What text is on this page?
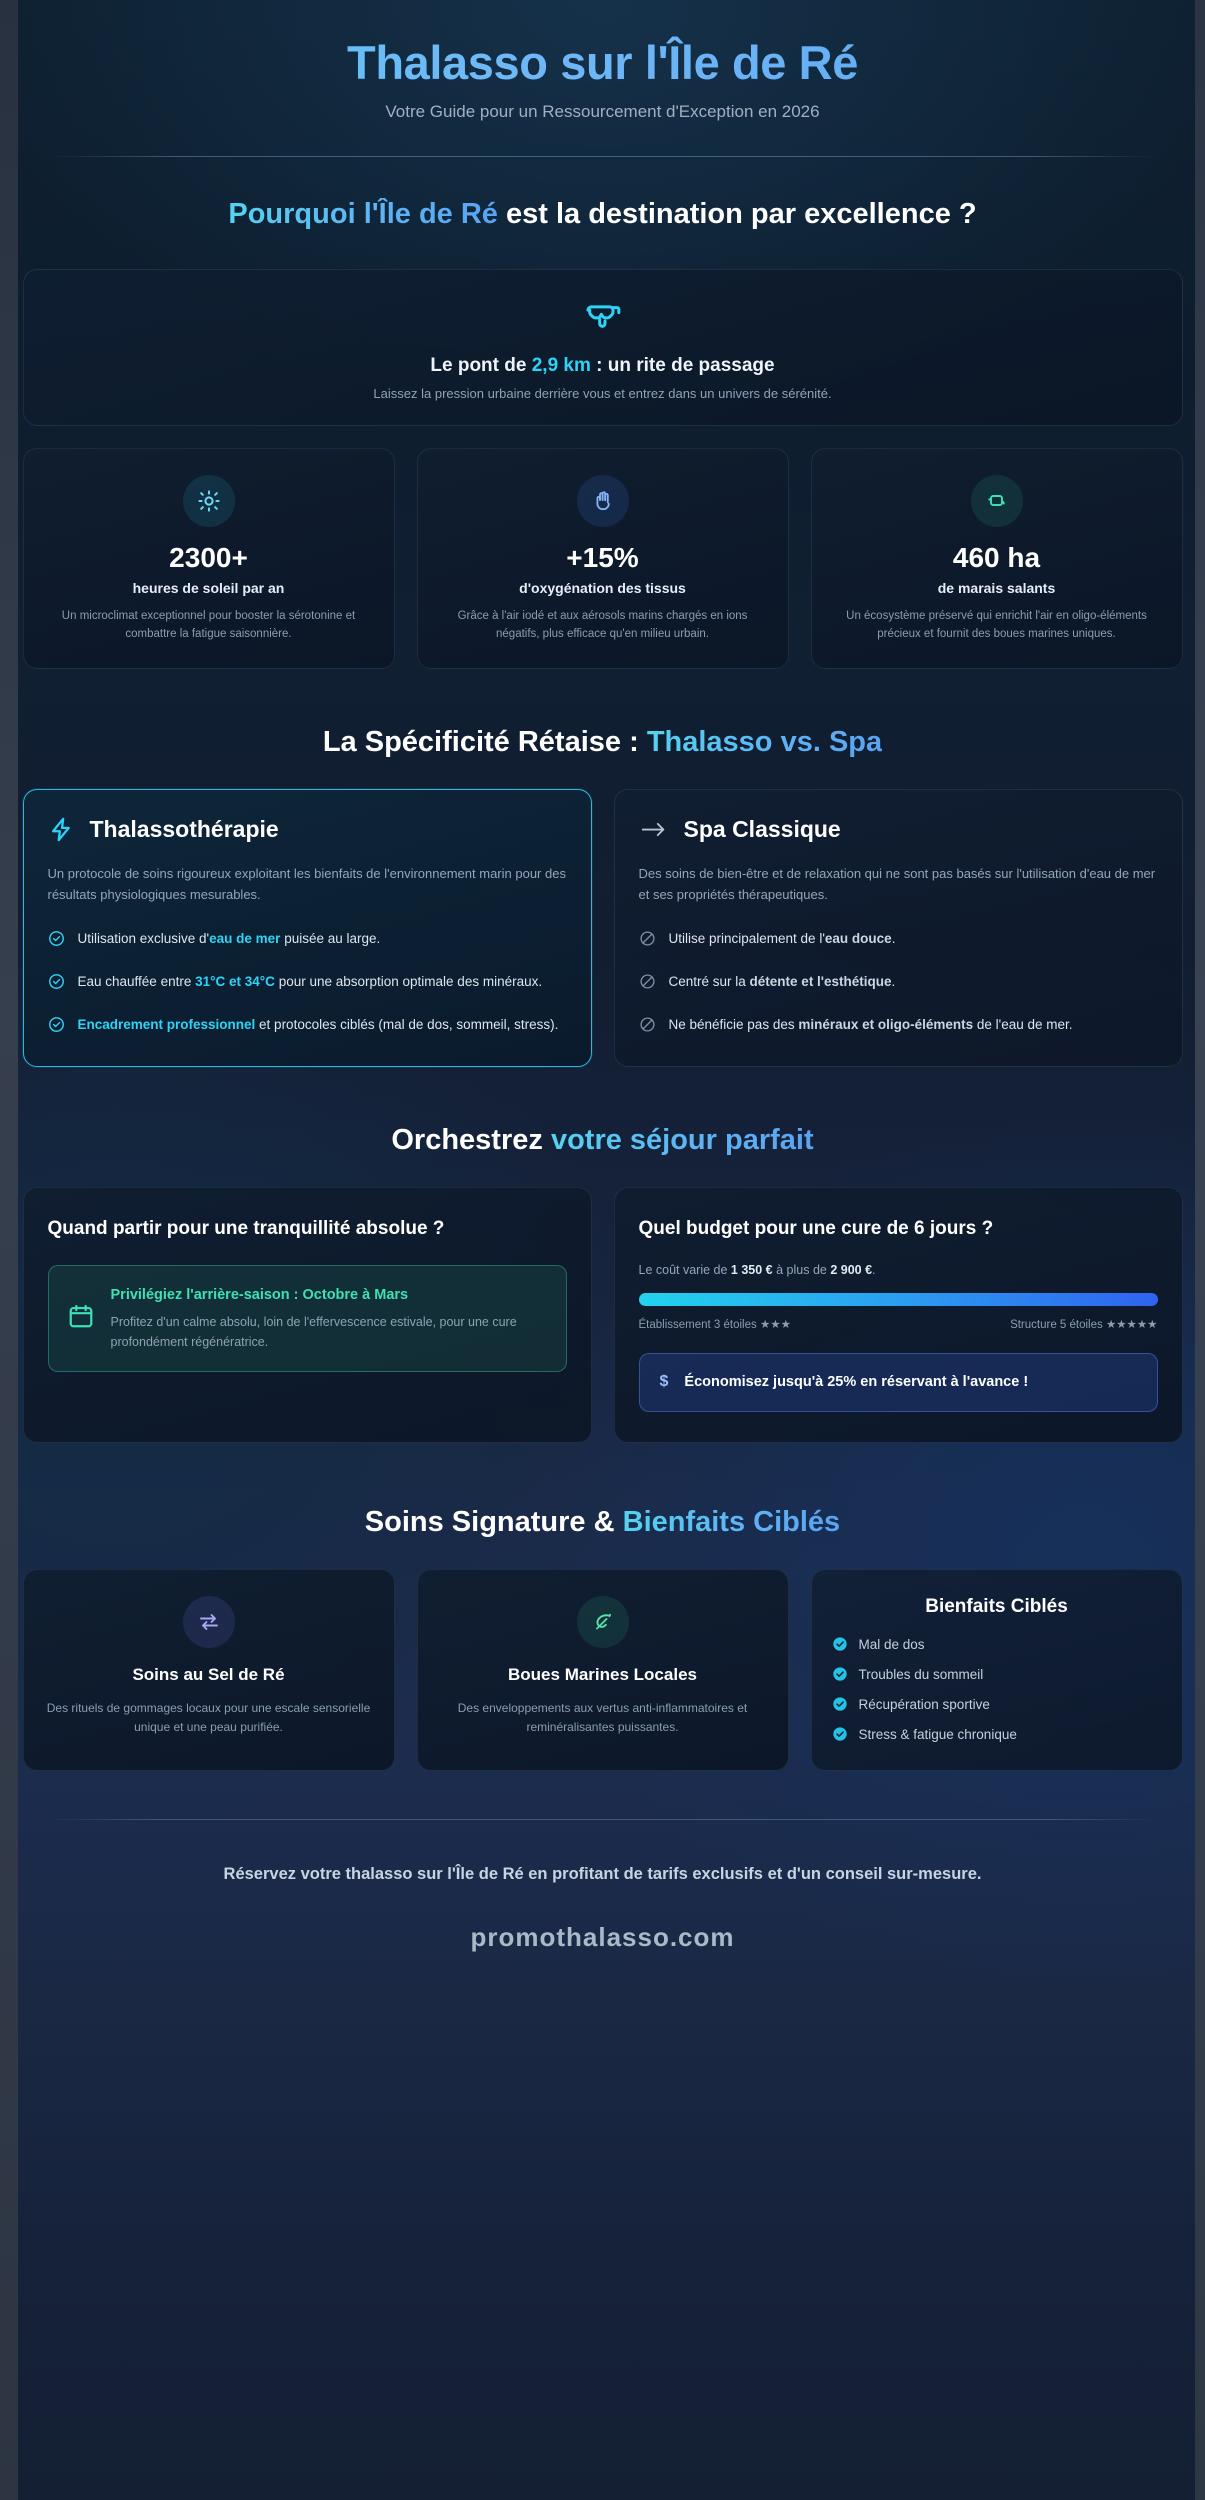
Thalasso sur l'Île de Ré
Votre Guide pour un Ressourcement d'Exception en 2026
Pourquoi l'Île de Ré est la destination par excellence ?
Le pont de 2,9 km : un rite de passage
Laissez la pression urbaine derrière vous et entrez dans un univers de sérénité.
2300+
heures de soleil par an
Un microclimat exceptionnel pour booster la sérotonine et combattre la fatigue saisonnière.
+15%
d'oxygénation des tissus
Grâce à l'air iodé et aux aérosols marins chargés en ions négatifs, plus efficace qu'en milieu urbain.
460 ha
de marais salants
Un écosystème préservé qui enrichit l'air en oligo-éléments précieux et fournit des boues marines uniques.
La Spécificité Rétaise : Thalasso vs. Spa
Thalassothérapie
Un protocole de soins rigoureux exploitant les bienfaits de l'environnement marin pour des résultats physiologiques mesurables.
Utilisation exclusive d'eau de mer puisée au large.
Eau chauffée entre 31°C et 34°C pour une absorption optimale des minéraux.
Encadrement professionnel et protocoles ciblés (mal de dos, sommeil, stress).
Spa Classique
Des soins de bien-être et de relaxation qui ne sont pas basés sur l'utilisation d'eau de mer et ses propriétés thérapeutiques.
Utilise principalement de l'eau douce.
Centré sur la détente et l'esthétique.
Ne bénéficie pas des minéraux et oligo-éléments de l'eau de mer.
Orchestrez votre séjour parfait
Quand partir pour une tranquillité absolue ?
Privilégiez l'arrière-saison : Octobre à Mars
Profitez d'un calme absolu, loin de l'effervescence estivale, pour une cure profondément régénératrice.
Quel budget pour une cure de 6 jours ?
Le coût varie de 1 350 € à plus de 2 900 €.
Établissement 3 étoiles ★★★	Structure 5 étoiles ★★★★★
$ Économisez jusqu'à 25% en réservant à l'avance !
Soins Signature & Bienfaits Ciblés
Soins au Sel de Ré
Des rituels de gommages locaux pour une escale sensorielle unique et une peau purifiée.
Boues Marines Locales
Des enveloppements aux vertus anti-inflammatoires et reminéralisantes puissantes.
Bienfaits Ciblés
Mal de dos
Troubles du sommeil
Récupération sportive
Stress & fatigue chronique
Réservez votre thalasso sur l'Île de Ré en profitant de tarifs exclusifs et d'un conseil sur-mesure.
promothalasso.com
